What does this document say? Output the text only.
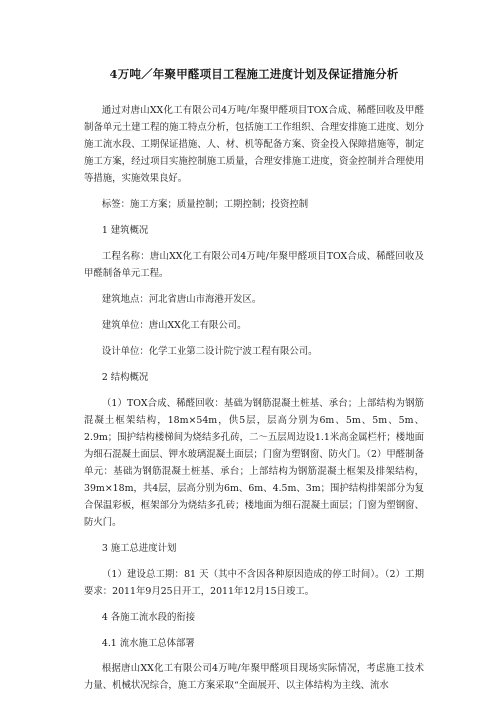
4万吨／年聚甲醛项目工程施工进度计划及保证措施分析

通过对唐山XX化工有限公司4万吨/年聚甲醛项目TOX合成、稀醛回收及甲醛制备单元土建工程的施工特点分析，包括施工工作组织、合理安排施工进度、划分施工流水段、工期保证措施、人、材、机等配备方案、资金投入保障措施等，制定施工方案，经过项目实施控制施工质量，合理安排施工进度，资金控制并合理使用等措施，实施效果良好。

标签：施工方案；质量控制；工期控制；投资控制

1 建筑概况

工程名称：唐山XX化工有限公司4万吨/年聚甲醛项目TOX合成、稀醛回收及甲醛制备单元工程。

建筑地点：河北省唐山市海港开发区。

建筑单位：唐山XX化工有限公司。

设计单位：化学工业第二设计院宁波工程有限公司。

2 结构概况

（1）TOX合成、稀醛回收：基础为钢筋混凝土桩基、承台；上部结构为钢筋混凝土框架结构，18m×54m，供5层，层高分别为6m、5m、5m、5m、2.9m；围护结构楼梯间为烧结多孔砖，二～五层周边设1.1米高金属栏杆；楼地面为细石混凝土面层、钾水玻璃混凝土面层；门窗为塑钢窗、防火门。（2）甲醛制备单元：基础为钢筋混凝土桩基、承台；上部结构为钢筋混凝土框架及排架结构，39m×18m，共4层，层高分别为6m、6m、4.5m、3m；围护结构排架部分为复合保温彩板，框架部分为烧结多孔砖；楼地面为细石混凝土面层；门窗为塑钢窗、防火门。

3 施工总进度计划

（1）建设总工期：81 天（其中不含因各种原因造成的停工时间）。（2）工期要求：2011年9月25日开工，2011年12月15日竣工。

4 各施工流水段的衔接

4.1 流水施工总体部署

根据唐山XX化工有限公司4万吨/年聚甲醛项目现场实际情况，考虑施工技术力量、机械状况综合，施工方案采取“全面展开、以主体结构为主线、流水
